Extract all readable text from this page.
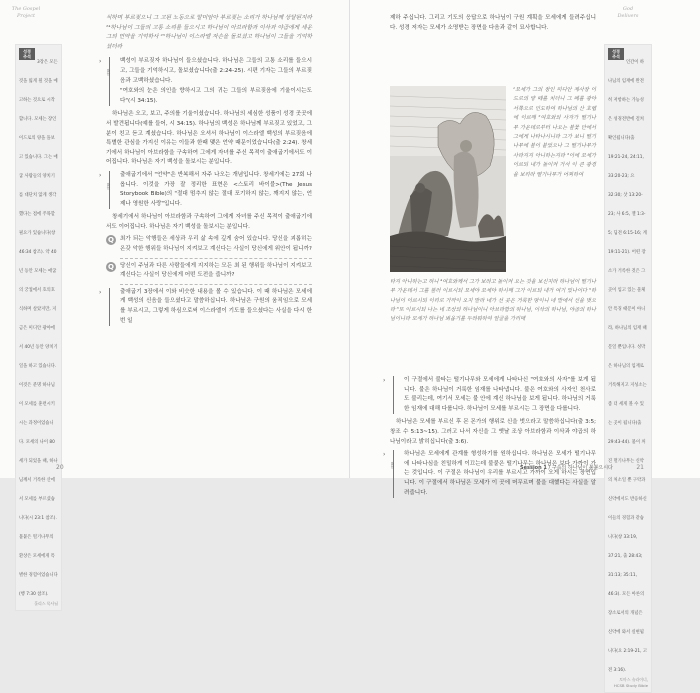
The Gospel
Project
성경
주석
3장은 모든 것을 잃게 될 것을 예고하는 것으로 시작합니다. 모세는 장인 이드로의 양을 돌보고 있습니다. 그는 애굽 사람들의 양치기를 대단치 않게 생각했다는 점에 주목할 필요가 있습니다(창 46:34 참조). 약 40년 동안 모세는 애굽의 궁궐에서 호의호식하며 살았지만, 지금은 미디안 광야에서 40년 동안 양치기 일을 하고 있습니다. 이것은 분명 하나님이 모세를 훈련시키시는 과정이었습니다. 모세의 나이 80세가 되었을 때, 하나님께서 거룩한 산에서 모세를 부르셨습니다(시 23:1 참조). 불붙은 떨기나무의 환상은 모세에게 특별한 경험이었습니다(행 7:30 참조).
홀리스 목사님

식하며 부르짖으니 그 고된 노동으로 말미암아 부르짖는 소리가 하나님께 상달된지라 ²⁴하나님이 그들의 고통 소리를 들으시고 하나님이 아브라함과 이삭과 야곱에게 세운 그의 언약을 기억하사 ²⁵하나님이 이스라엘 자손을 돌보셨고 하나님이 그들을 기억하셨더라

›
요점

백성이 부르짖자 하나님이 들으셨습니다. 하나님은 그들의 고통 소리를 들으시고, 그들을 기억하시고, 돌보셨습니다(출 2:24-25). 시편 기자는 그들의 부르짖음과 고백하셨습니다.

"여호와의 눈은 의인을 향하시고 그의 귀는 그들의 부르짖음에 기울이시는도다"(시 34:15).

하나님은 오고, 보고, 주의를 기울이셨습니다. 하나님의 세심한 성품이 성경 곳곳에서 발견됩니다(예를 들어, 시 34:15). 하나님의 백성은 하나님께 부르짖고 있었고, 그분이 친고 듣고 계셨습니다. 하나님은 오셔서 하나님이 이스라엘 백성의 부르짖음에 특별한 관심을 가지신 이유는 이들과 한때 맺은 언약 때문이었습니다(출 2:24). 창세기에서 하나님이 아브라함을 구속하여 그에게 자녀를 주신 목적이 출애굽기에서도 이어집니다. 하나님은 자기 백성을 돌보시는 분입니다.

›
요점

출애굽기에서 "언약"은 반복해서 자주 나오는 개념입니다. 창세기에는 27회 나옵니다. 이것을 가장 잘 정리한 표현은 <스토리 바이블>(The Jesus Storybook Bible)의 "절대 멈추지 않는 절대 포기하지 않는, 깨지지 않는, 언제나 영원한 사랑"입니다.

창세기에서 하나님이 아브라함과 구속하여 그에게 자녀를 주신 목적이 출애굽기에서도 이어집니다. 하나님은 자기 백성을 돌보시는 분입니다.

Q	최가 되는 악행들은 세상과 우리 삶 속에 깊게 숨어 있습니다. 당신을 괴롭히는 온갖 악한 행위들 하나님이 지켜보고 계신다는 사실이 당신에게 위안이 됩니까?
Q	당신이 주님과 다른 사람들에게 지지하는 모든 최 된 행위들 하나님이 지켜보고 계신다는 사실이 당신에게 어떤 도전을 줍니까?
›	출애굽기 3장에서 이와 비슷한 내용을 볼 수 있습니다. 이 때 하나님은 모세에게 백성의 신음을 들으셨다고 말씀하십니다. 하나님은 구원의 움직임으로 모세를 부르시고, 그렇게 하심으로써 이스라엘이 기도를 들으셨다는 사실을 다시 한번 일

20
God
Delivers

제하 주십니다. 그리고 기도의 응답으로 하나님이 구원 계획을 모세에게 들려주십니다. 성경 저자는 모세가 소명받는 장면을 다음과 같이 묘사합니다.

성경
주석
인간이 하나님의 임재에 완전히 저항하는 가능성은 성경전반에 걸쳐 확인됩니다(출 19:21-24, 24:11, 33:20-23; 요 32:30; 삿 13:20-23; 사 6:5, 젤 1:3-5; 딤전 6:15-16; 계 19:11-21). 어떤 장소가 거룩한 것은 그곳이 입고 있는 물체 안 특징 때문이 아니라, 하나님의 임재 때문일 뿐입니다. 성막은 하나님의 임재로 거룩해지고 지성소는 좀 더 세게 볼 수 있는 곳이 됩니다(출 29:43-44). 불이 꺼진 떨기나무는 신약의 처소일 뿐 구약과 신약에서도 반응하신 이들의 경험과 같습니다(창 33:19, 37:21, 출 28:43; 31:13; 35:11, 46:3). 모든 아론의 장소로서의 개념은 신약에 와서 실현됩니다(요 2:19-21, 고전 3:16).
토마스 슈라이너, HCSB Study Bible
21
Session 1 / 구속의 하나님이 불붙으시다
¹모세가 그의 장인 미디안 제사장 이드로의 양 떼를 치더니 그 떼를 광야 서쪽으로 인도하여 하나님의 산 호렙에 이르매 ²여호와의 사자가 떨기나무 가운데로부터 나오는 불꽃 안에서 그에게 나타나시니라 그가 보니 떨기나무에 불이 붙었으나 그 떨기나무가 사라지지 아니하는지라 ³이에 모세가 이르되 내가 돌이켜 가서 이 큰 광경을 보리라 떨기나무가 어찌하여
타지 아니하는고 하니 ⁴여호와께서 그가 보려고 돌이켜 오는 것을 보신지라 하나님이 떨기나무 가운데서 그를 불러 이르시되 모세야 모세야 하시매 그가 이르되 내가 여기 있나이다 ⁵하나님이 이르시되 이리로 가까이 오지 말라 네가 선 곳은 거룩한 땅이니 네 발에서 신을 벗으라 ⁶또 이르시되 나는 네 조상의 하나님이니 아브라함의 하나님, 이삭의 하나님, 야곱의 하나님이니라 모세가 하나님 뵈옵기를 두려워하여 얼굴을 가리매
›	이 구절에서 불타는 떨기나무와 모세에게 나타나신 "여호와의 사자"를 보게 됩니다. 불은 하나님이 거룩한 임재를 나타냅니다. 불은 여호와의 사자인 천사로도 불리는데, 여기서 모세는 불 안에 계신 하나님을 보게 됩니다. 하나님의 거룩한 임재에 대해 다룹니다. 하나님이 모세를 부르시는 그 장면을 다룹니다.

하나님은 모세를 부르신 후 몬 몬가의 행위로 신을 벗으라고 말씀하십니다(출 3:5; 창조 수 5:13~15). 그러고 나서 자신을 그 옛날 조상 아브라함과 이삭과 야곱의 하나님이라고 밝히십니다(출 3:6).

›
요점

하나님은 모세에게 관계를 형성하기를 원하십니다. 하나님은 모세가 떨기나무에 나타나심을 친밀하게 이끄는데 불붙은 떨기나무는 하나님은 보다 가까이 가는 것입니다. 이 구절은 하나님이 우리를 부르시고 가까이 오게 하시는 장면입니다. 이 구절에서 하나님은 모세가 이 곳에 머무르며 불을 대했다는 사실을 알려줍니다.
